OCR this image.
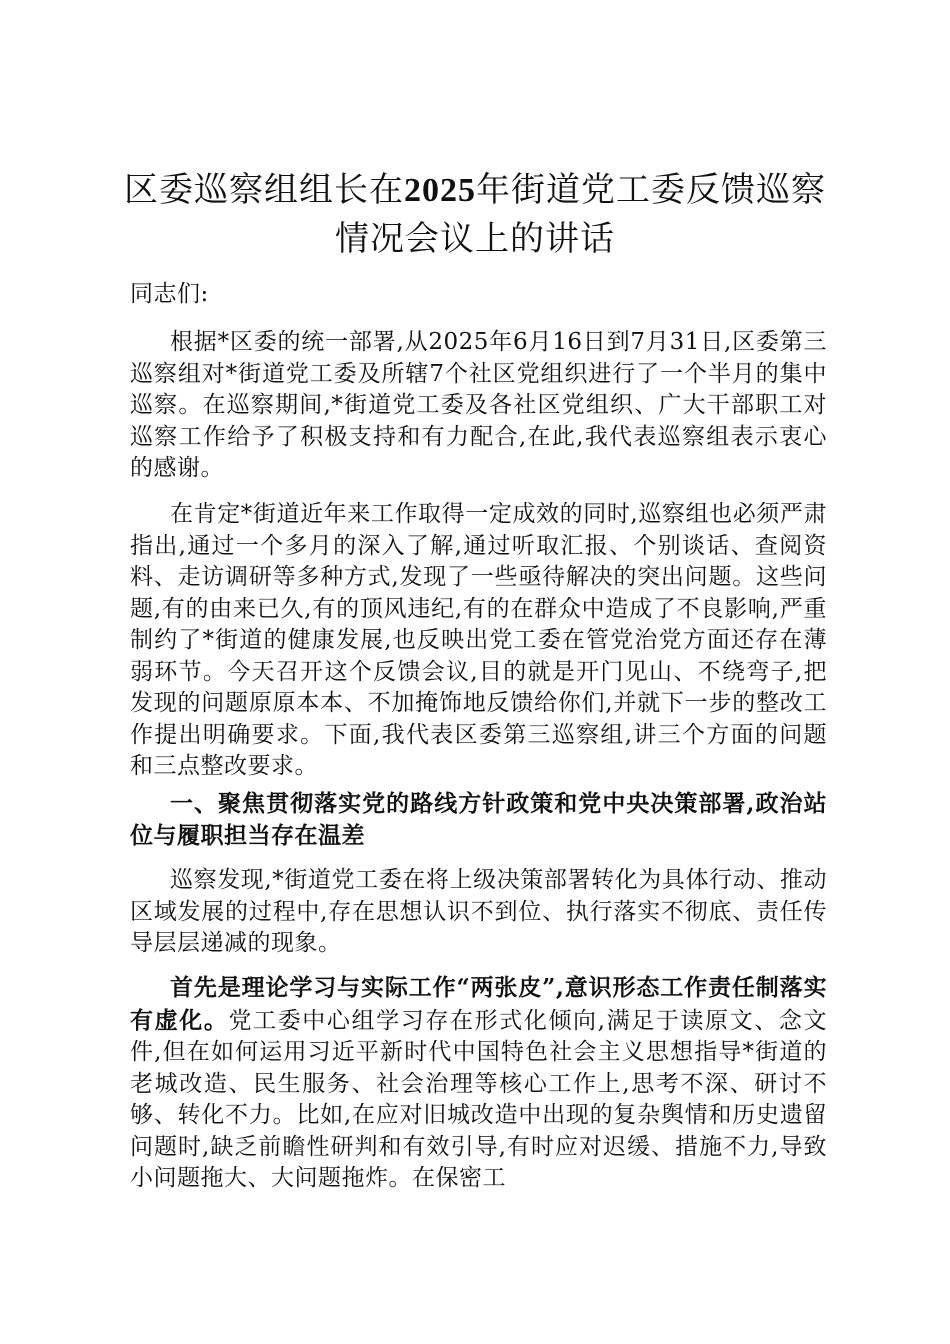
区委巡察组组长在2025年街道党工委反馈巡察情况会议上的讲话

同志们:

根据*区委的统一部署,从2025年6月16日到7月31日,区委第三巡察组对*街道党工委及所辖7个社区党组织进行了一个半月的集中巡察。在巡察期间,*街道党工委及各社区党组织、广大干部职工对巡察工作给予了积极支持和有力配合,在此,我代表巡察组表示衷心的感谢。

在肯定*街道近年来工作取得一定成效的同时,巡察组也必须严肃指出,通过一个多月的深入了解,通过听取汇报、个别谈话、查阅资料、走访调研等多种方式,发现了一些亟待解决的突出问题。这些问题,有的由来已久,有的顶风违纪,有的在群众中造成了不良影响,严重制约了*街道的健康发展,也反映出党工委在管党治党方面还存在薄弱环节。今天召开这个反馈会议,目的就是开门见山、不绕弯子,把发现的问题原原本本、不加掩饰地反馈给你们,并就下一步的整改工作提出明确要求。下面,我代表区委第三巡察组,讲三个方面的问题和三点整改要求。

一、聚焦贯彻落实党的路线方针政策和党中央决策部署,政治站位与履职担当存在温差

巡察发现,*街道党工委在将上级决策部署转化为具体行动、推动区域发展的过程中,存在思想认识不到位、执行落实不彻底、责任传导层层递减的现象。

首先是理论学习与实际工作“两张皮”,意识形态工作责任制落实有虚化。党工委中心组学习存在形式化倾向,满足于读原文、念文件,但在如何运用习近平新时代中国特色社会主义思想指导*街道的老城改造、民生服务、社会治理等核心工作上,思考不深、研讨不够、转化不力。比如,在应对旧城改造中出现的复杂舆情和历史遗留问题时,缺乏前瞻性研判和有效引导,有时应对迟缓、措施不力,导致小问题拖大、大问题拖炸。在保密工
